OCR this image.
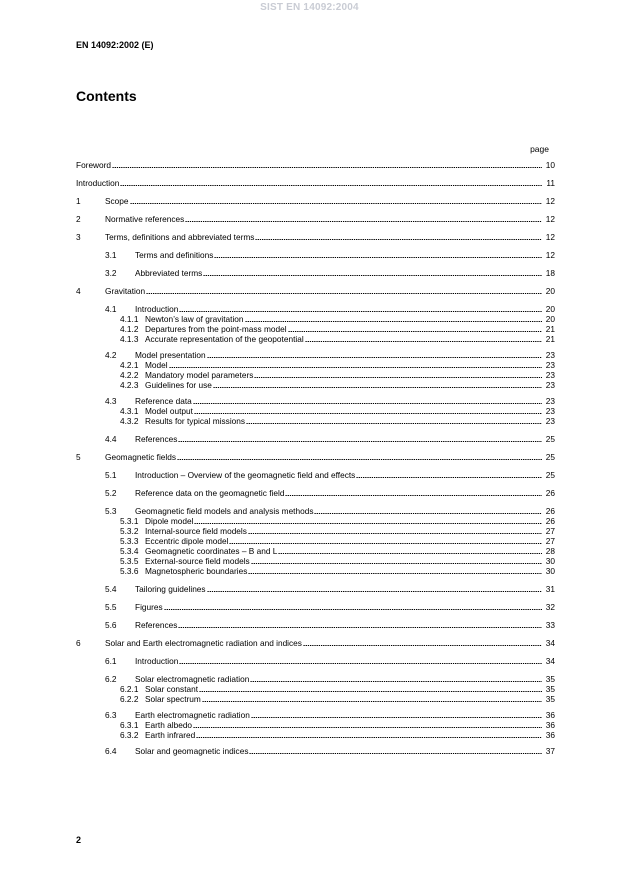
SIST EN 14092:2004
EN 14092:2002 (E)
Contents
page
Foreword	10
Introduction	11
1	Scope	12
2	Normative references	12
3	Terms, definitions and abbreviated terms	12
3.1	Terms and definitions	12
3.2	Abbreviated terms	18
4	Gravitation	20
4.1	Introduction	20
4.1.1 Newton’s law of gravitation	20
4.1.2 Departures from the point-mass model	21
4.1.3 Accurate representation of the geopotential	21
4.2	Model presentation	23
4.2.1 Model	23
4.2.2 Mandatory model parameters	23
4.2.3 Guidelines for use	23
4.3	Reference data	23
4.3.1 Model output	23
4.3.2 Results for typical missions	23
4.4	References	25
5	Geomagnetic fields	25
5.1	Introduction – Overview of the geomagnetic field and effects	25
5.2	Reference data on the geomagnetic field	26
5.3	Geomagnetic field models and analysis methods	26
5.3.1 Dipole model	26
5.3.2 Internal-source field models	27
5.3.3 Eccentric dipole model	27
5.3.4 Geomagnetic coordinates – B and L	28
5.3.5 External-source field models	30
5.3.6 Magnetospheric boundaries	30
5.4	Tailoring guidelines	31
5.5	Figures	32
5.6	References	33
6	Solar and Earth electromagnetic radiation and indices	34
6.1	Introduction	34
6.2	Solar electromagnetic radiation	35
6.2.1 Solar constant	35
6.2.2 Solar spectrum	35
6.3	Earth electromagnetic radiation	36
6.3.1 Earth albedo	36
6.3.2 Earth infrared	36
6.4	Solar and geomagnetic indices	37
2
